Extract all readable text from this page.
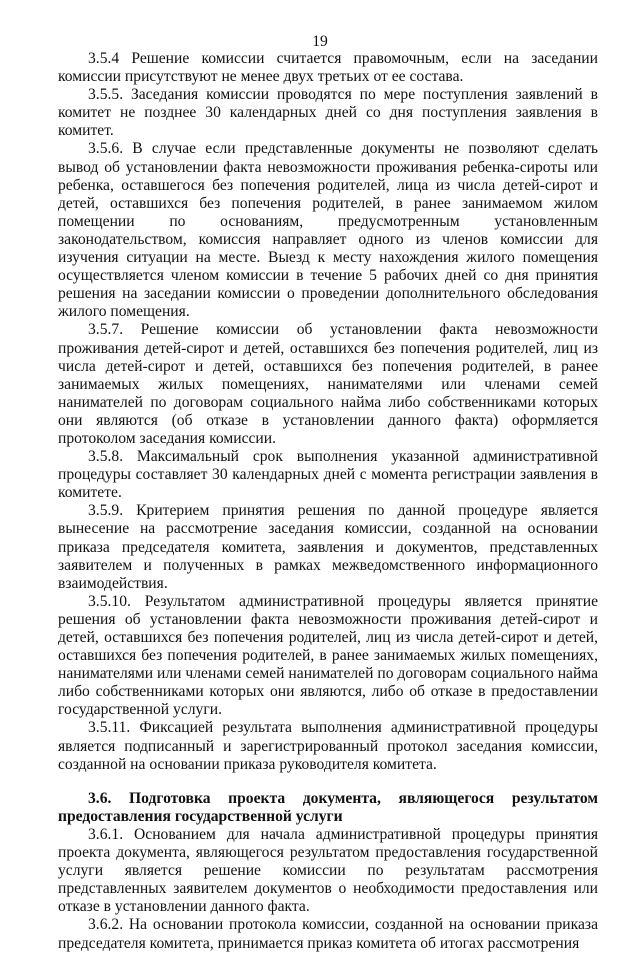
19

3.5.4 Решение комиссии считается правомочным, если на заседании комиссии присутствуют не менее двух третьих от ее состава.

3.5.5. Заседания комиссии проводятся по мере поступления заявлений в комитет не позднее 30 календарных дней со дня поступления заявления в комитет.

3.5.6. В случае если представленные документы не позволяют сделать вывод об установлении факта невозможности проживания ребенка-сироты или ребенка, оставшегося без попечения родителей, лица из числа детей-сирот и детей, оставшихся без попечения родителей, в ранее занимаемом жилом помещении по основаниям, предусмотренным установленным законодательством, комиссия направляет одного из членов комиссии для изучения ситуации на месте. Выезд к месту нахождения жилого помещения осуществляется членом комиссии в течение 5 рабочих дней со дня принятия решения на заседании комиссии о проведении дополнительного обследования жилого помещения.

3.5.7. Решение комиссии об установлении факта невозможности проживания детей-сирот и детей, оставшихся без попечения родителей, лиц из числа детей-сирот и детей, оставшихся без попечения родителей, в ранее занимаемых жилых помещениях, нанимателями или членами семей нанимателей по договорам социального найма либо собственниками которых они являются (об отказе в установлении данного факта) оформляется протоколом заседания комиссии.

3.5.8. Максимальный срок выполнения указанной административной процедуры составляет 30 календарных дней с момента регистрации заявления в комитете.

3.5.9. Критерием принятия решения по данной процедуре является вынесение на рассмотрение заседания комиссии, созданной на основании приказа председателя комитета, заявления и документов, представленных заявителем и полученных в рамках межведомственного информационного взаимодействия.

3.5.10. Результатом административной процедуры является принятие решения об установлении факта невозможности проживания детей-сирот и детей, оставшихся без попечения родителей, лиц из числа детей-сирот и детей, оставшихся без попечения родителей, в ранее занимаемых жилых помещениях, нанимателями или членами семей нанимателей по договорам социального найма либо собственниками которых они являются, либо об отказе в предоставлении государственной услуги.

3.5.11. Фиксацией результата выполнения административной процедуры является подписанный и зарегистрированный протокол заседания комиссии, созданной на основании приказа руководителя комитета.

3.6. Подготовка проекта документа, являющегося результатом предоставления государственной услуги

3.6.1. Основанием для начала административной процедуры принятия проекта документа, являющегося результатом предоставления государственной услуги является решение комиссии по результатам рассмотрения представленных заявителем документов о необходимости предоставления или отказе в установлении данного факта.

3.6.2. На основании протокола комиссии, созданной на основании приказа председателя комитета, принимается приказ комитета об итогах рассмотрения
